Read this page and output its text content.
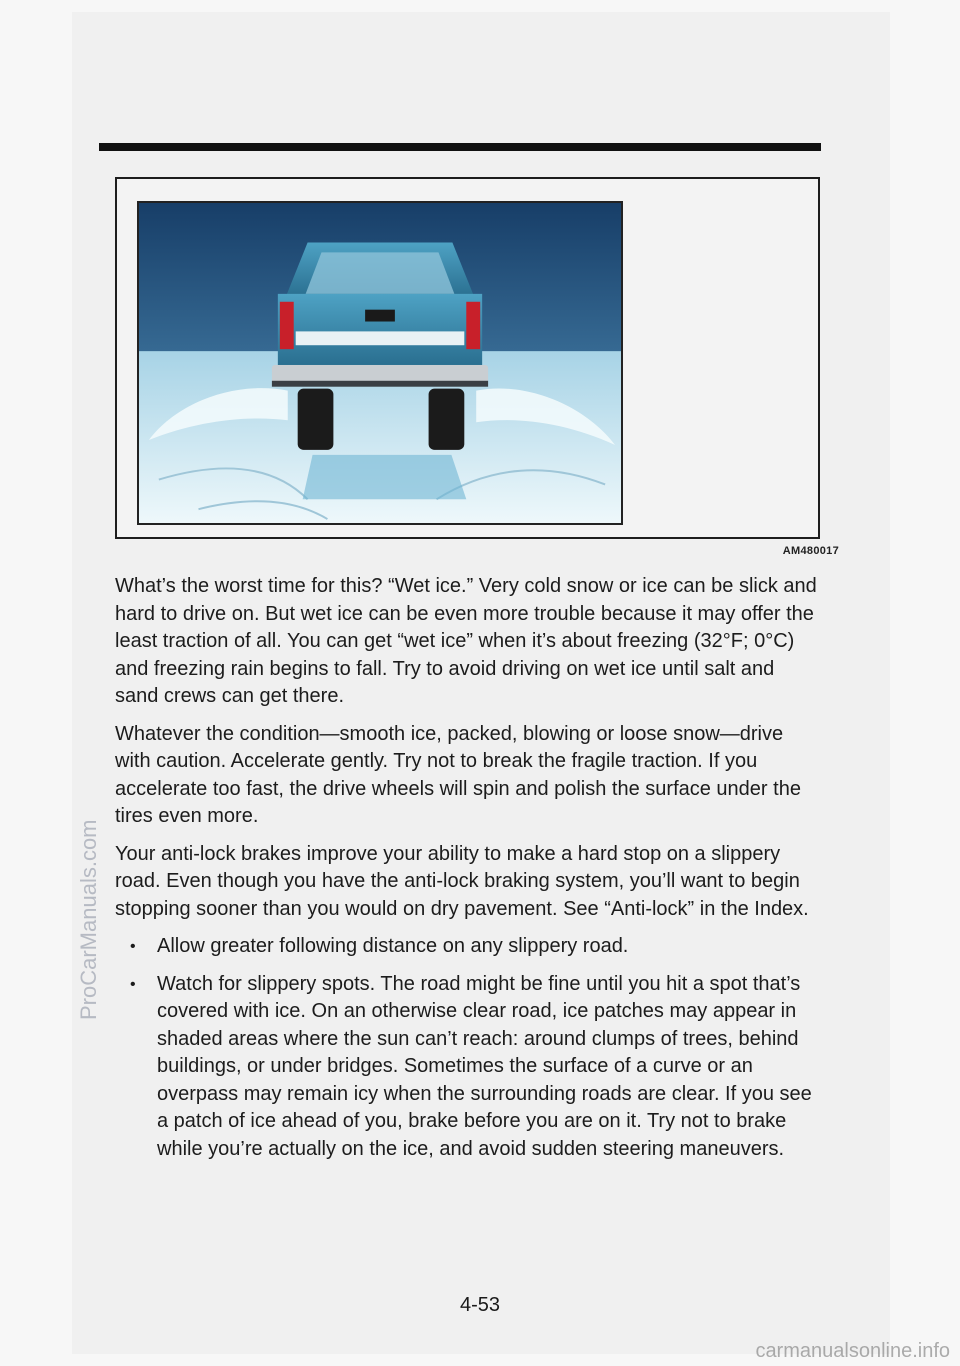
AM480017

What’s the worst time for this? “Wet ice.” Very cold snow or ice can be slick and hard to drive on. But wet ice can be even more trouble because it may offer the least traction of all. You can get “wet ice” when it’s about freezing (32°F; 0°C) and freezing rain begins to fall. Try to avoid driving on wet ice until salt and sand crews can get there.

Whatever the condition—smooth ice, packed, blowing or loose snow—drive with caution. Accelerate gently. Try not to break the fragile traction. If you accelerate too fast, the drive wheels will spin and polish the surface under the tires even more.

Your anti-lock brakes improve your ability to make a hard stop on a slippery road. Even though you have the anti-lock braking system, you’ll want to begin stopping sooner than you would on dry pavement. See “Anti-lock” in the Index.

• Allow greater following distance on any slippery road.
• Watch for slippery spots. The road might be fine until you hit a spot that’s covered with ice. On an otherwise clear road, ice patches may appear in shaded areas where the sun can’t reach: around clumps of trees, behind buildings, or under bridges. Sometimes the surface of a curve or an overpass may remain icy when the surrounding roads are clear. If you see a patch of ice ahead of you, brake before you are on it. Try not to brake while you’re actually on the ice, and avoid sudden steering maneuvers.
4-53
ProCarManuals.com
carmanualsonline.info
